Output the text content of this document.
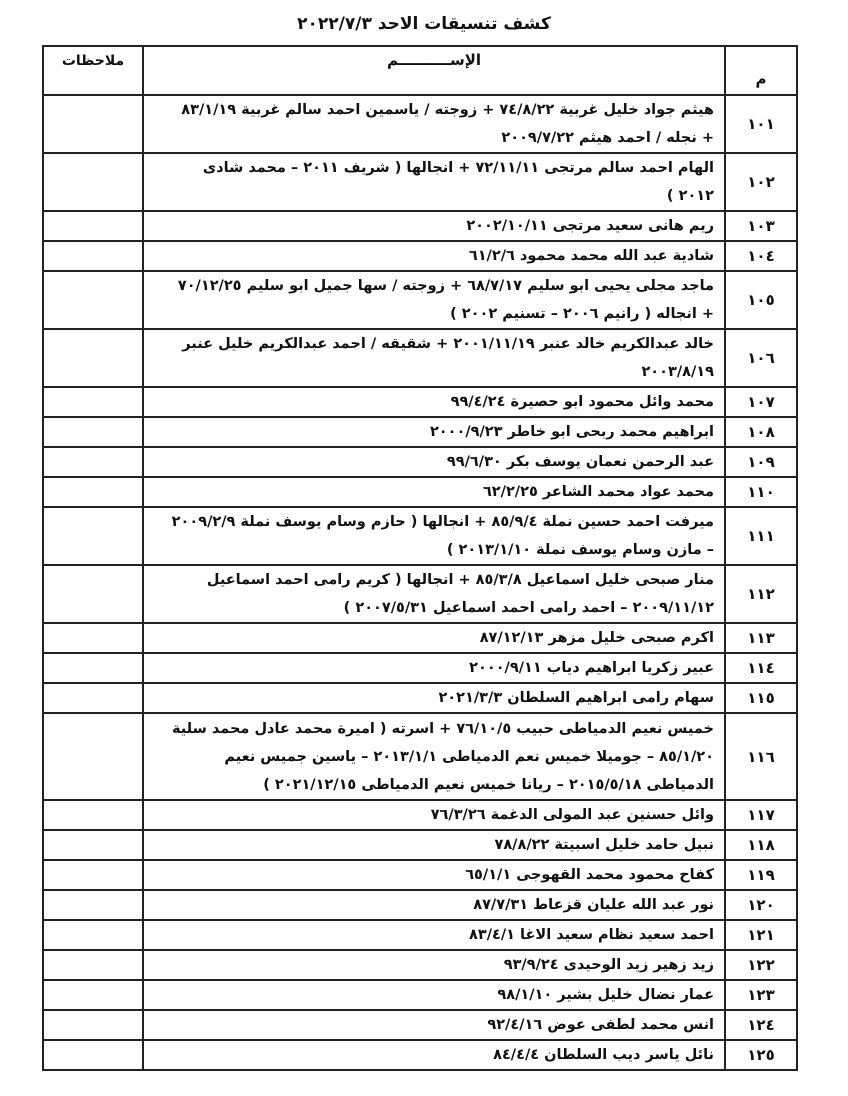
كشف تنسيقات الاحد ٢٠٢٢/٧/٣
م	الإســــــــــم	ملاحظات
١٠١	هيثم جواد خليل غربية ٧٤/٨/٢٢ + زوجته / ياسمين احمد سالم غربية ٨٣/١/١٩
+ نجله / احمد هيثم ٢٠٠٩/٧/٢٢	

١٠٢	الهام احمد سالم مرتجى ٧٢/١١/١١ + انجالها ( شريف ٢٠١١ – محمد شادى
٢٠١٢ )	

١٠٣	ريم هانى سعيد مرتجى ٢٠٠٢/١٠/١١	

١٠٤	شادية عبد الله محمد محمود ٦١/٢/٦	

١٠٥	ماجد مجلى يحيى ابو سليم ٦٨/٧/١٧ + زوجته / سها جميل ابو سليم ٧٠/١٢/٢٥
+ انجاله ( رانيم ٢٠٠٦ – تسنيم ٢٠٠٢ )	

١٠٦	خالد عبدالكريم خالد عنبر ٢٠٠١/١١/١٩ + شقيقه / احمد عبدالكريم خليل عنبر
٢٠٠٣/٨/١٩	

١٠٧	محمد وائل محمود ابو حصيرة ٩٩/٤/٢٤	

١٠٨	ابراهيم محمد ربحى ابو خاطر ٢٠٠٠/٩/٢٣	

١٠٩	عبد الرحمن نعمان يوسف بكر ٩٩/٦/٣٠	

١١٠	محمد عواد محمد الشاعر ٦٢/٢/٢٥	

١١١	ميرفت احمد حسين نملة ٨٥/٩/٤ + انجالها ( حازم وسام يوسف نملة ٢٠٠٩/٢/٩
– مازن وسام يوسف نملة ٢٠١٣/١/١٠ )	

١١٢	منار صبحى خليل اسماعيل ٨٥/٣/٨ + انجالها ( كريم رامى احمد اسماعيل
٢٠٠٩/١١/١٢ – احمد رامى احمد اسماعيل ٢٠٠٧/٥/٣١ )	

١١٣	اكرم صبحى خليل مزهر ٨٧/١٢/١٣	

١١٤	عبير زكريا ابراهيم دياب ٢٠٠٠/٩/١١	

١١٥	سهام رامى ابراهيم السلطان ٢٠٢١/٣/٣	

١١٦	خميس نعيم الدمياطى حبيب ٧٦/١٠/٥ + اسرته ( اميرة محمد عادل محمد سلية
٨٥/١/٢٠ – جوميلا خميس نعم الدمياطى ٢٠١٣/١/١ – ياسين جميس نعيم
الدمياطى ٢٠١٥/٥/١٨ – ريانا خميس نعيم الدمياطى ٢٠٢١/١٢/١٥ )	

١١٧	وائل حسنين عبد المولى الدغمة ٧٦/٣/٢٦	

١١٨	نبيل حامد خليل اسبيتة ٧٨/٨/٢٢	

١١٩	كفاح محمود محمد القهوجى ٦٥/١/١	

١٢٠	نور عبد الله عليان قزعاط ٨٧/٧/٣١	

١٢١	احمد سعيد نظام سعيد الاغا ٨٣/٤/١	

١٢٢	زيد زهير زيد الوحيدى ٩٣/٩/٢٤	

١٢٣	عمار نضال خليل بشير ٩٨/١/١٠	

١٢٤	انس محمد لطفى عوض ٩٢/٤/١٦	

١٢٥	نائل ياسر ديب السلطان ٨٤/٤/٤	
